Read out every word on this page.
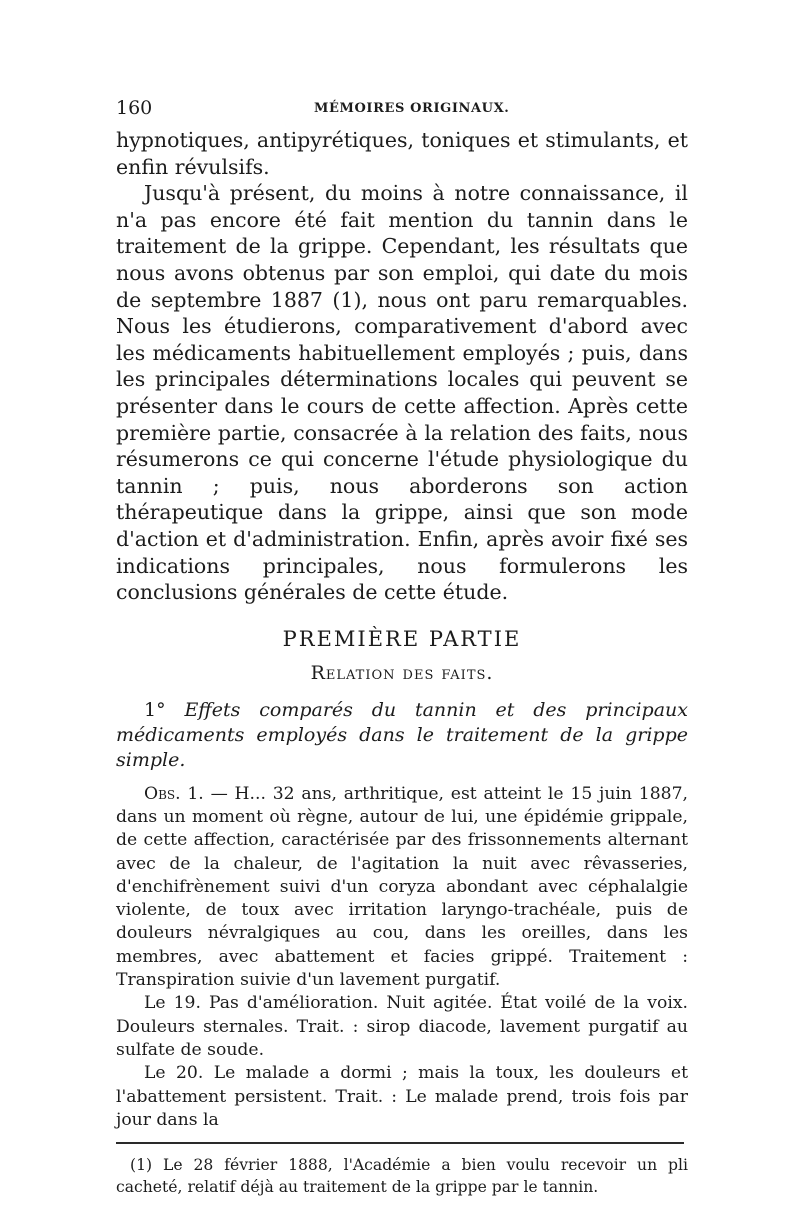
160	MÉMOIRES ORIGINAUX.

hypnotiques, antipyrétiques, toniques et stimulants, et enfin révulsifs.

Jusqu'à présent, du moins à notre connaissance, il n'a pas encore été fait mention du tannin dans le traitement de la grippe. Cependant, les résultats que nous avons obtenus par son emploi, qui date du mois de septembre 1887 (1), nous ont paru remarquables. Nous les étudierons, comparativement d'abord avec les médicaments habituellement employés ; puis, dans les principales déterminations locales qui peuvent se présenter dans le cours de cette affection. Après cette première partie, consacrée à la relation des faits, nous résumerons ce qui concerne l'étude physiologique du tannin ; puis, nous aborderons son action thérapeutique dans la grippe, ainsi que son mode d'action et d'administration. Enfin, après avoir fixé ses indications principales, nous formulerons les conclusions générales de cette étude.

PREMIÈRE PARTIE
Relation des faits.

1° Effets comparés du tannin et des principaux médicaments employés dans le traitement de la grippe simple.

Obs. 1. — H... 32 ans, arthritique, est atteint le 15 juin 1887, dans un moment où règne, autour de lui, une épidémie grippale, de cette affection, caractérisée par des frissonnements alternant avec de la chaleur, de l'agitation la nuit avec rêvasseries, d'enchifrènement suivi d'un coryza abondant avec céphalalgie violente, de toux avec irritation laryngo-trachéale, puis de douleurs névralgiques au cou, dans les oreilles, dans les membres, avec abattement et facies grippé. Traitement : Transpiration suivie d'un lavement purgatif.

Le 19. Pas d'amélioration. Nuit agitée. État voilé de la voix. Douleurs sternales. Trait. : sirop diacode, lavement purgatif au sulfate de soude.

Le 20. Le malade a dormi ; mais la toux, les douleurs et l'abattement persistent. Trait. : Le malade prend, trois fois par jour dans la

(1) Le 28 février 1888, l'Académie a bien voulu recevoir un pli cacheté, relatif déjà au traitement de la grippe par le tannin.
